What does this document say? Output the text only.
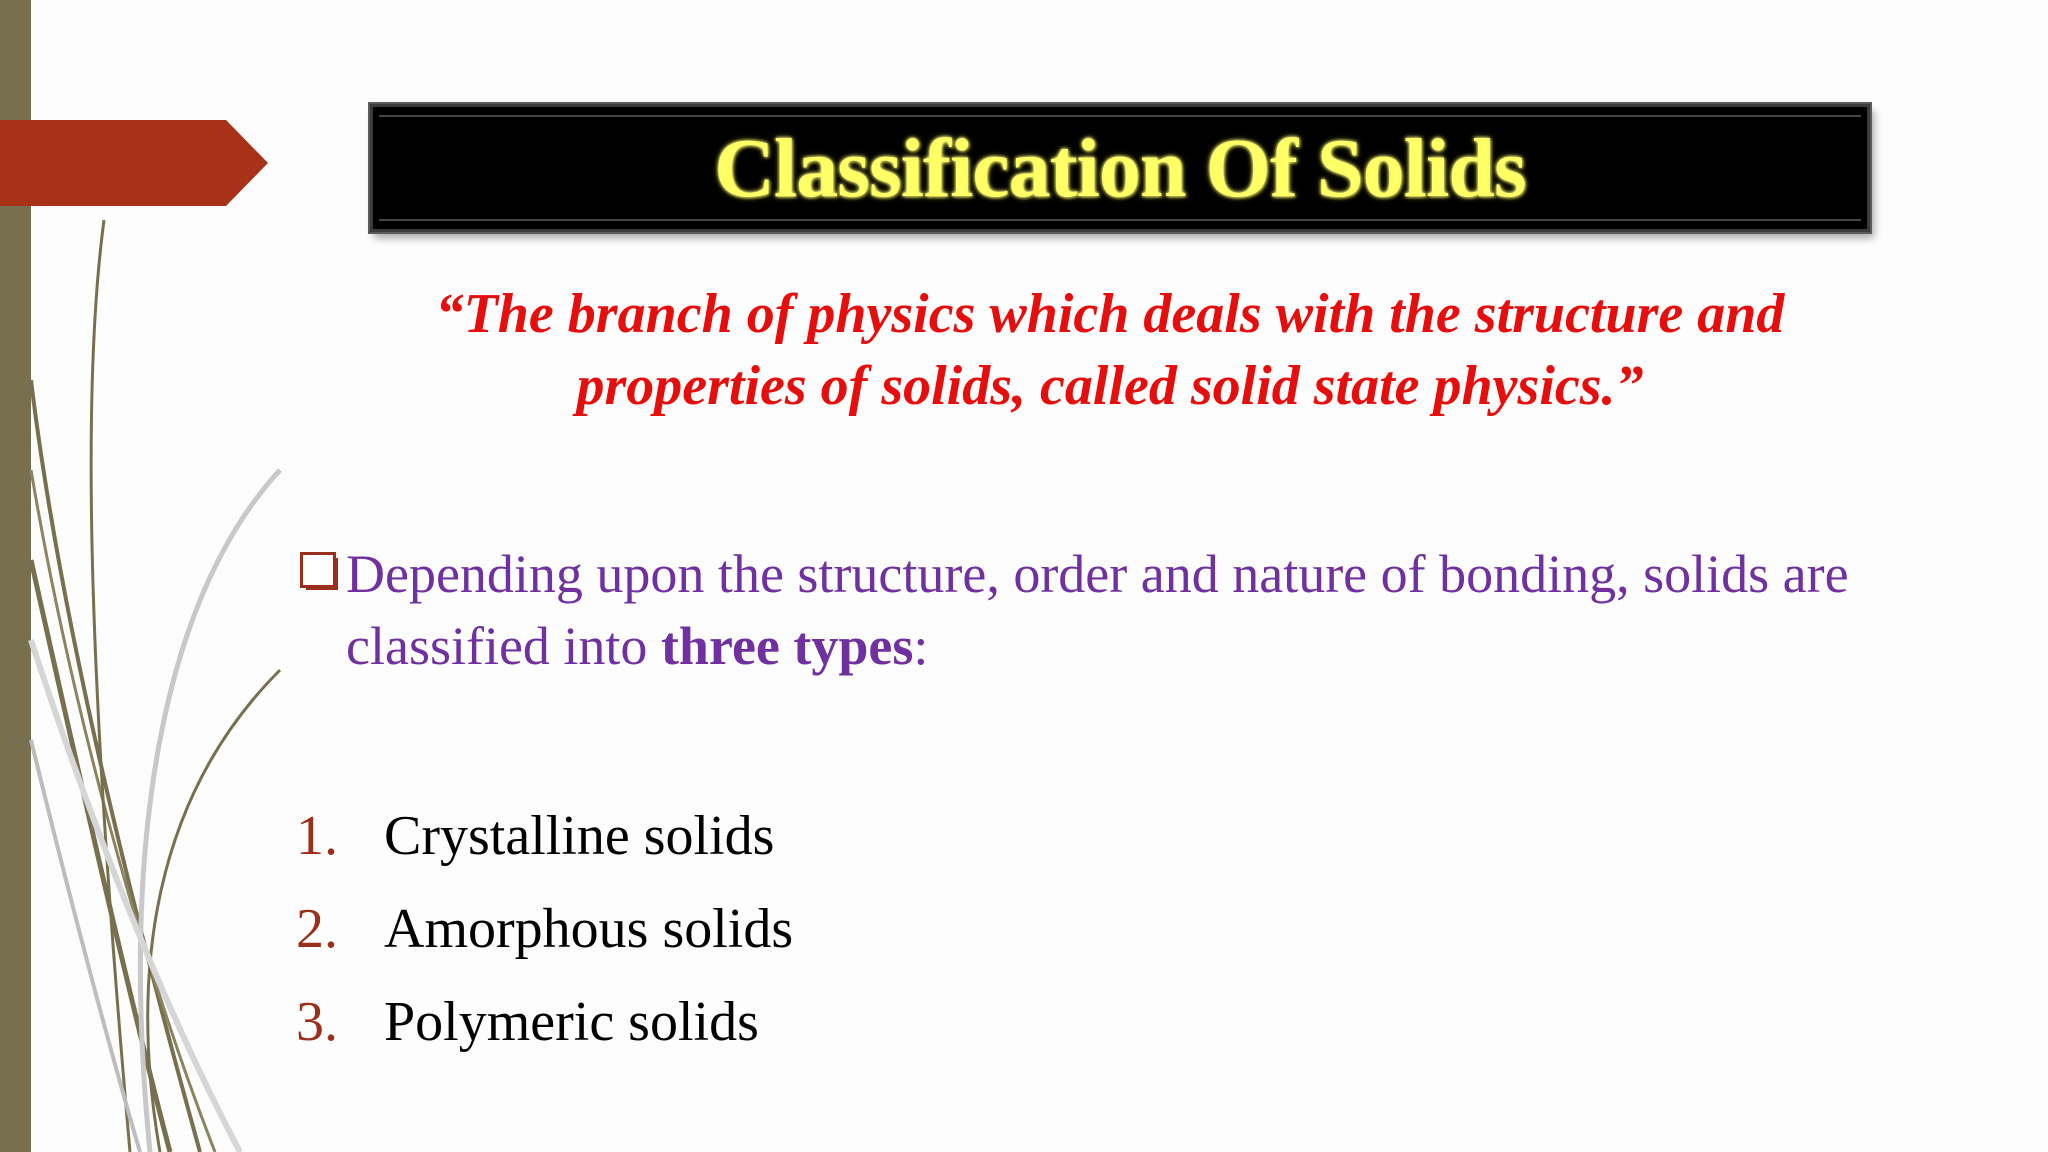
Classification Of Solids
“The branch of physics which deals with the structure and
properties of solids, called solid state physics.”
Depending upon the structure, order and nature of bonding, solids are classified into three types:
1. Crystalline solids
2. Amorphous solids
3. Polymeric solids
